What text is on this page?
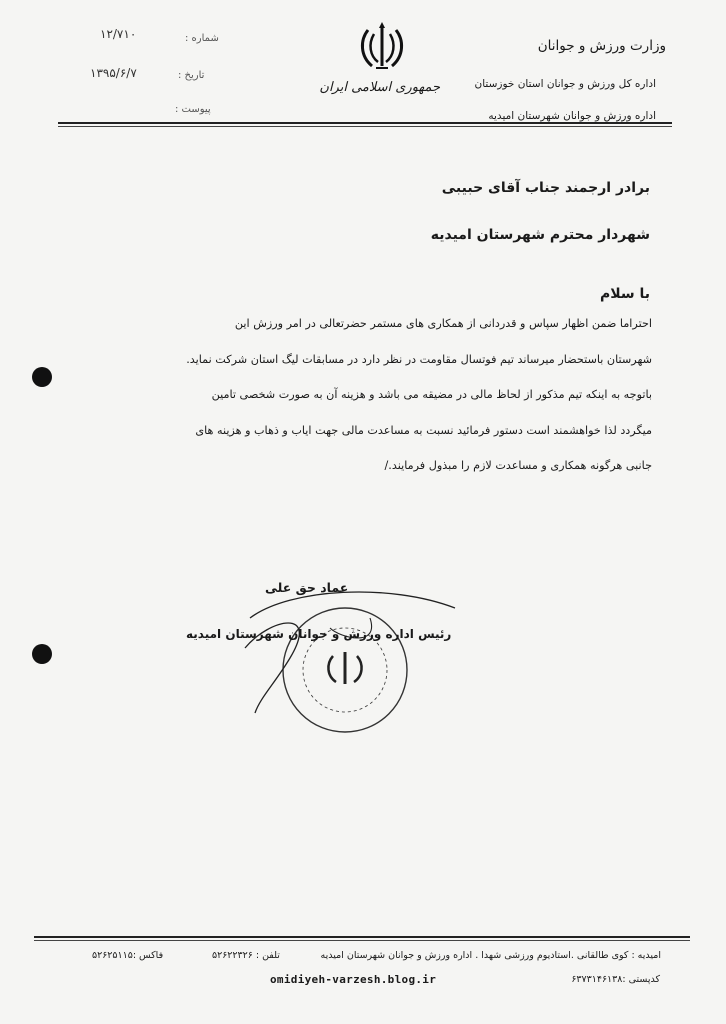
وزارت ورزش و جوانان
اداره کل ورزش و جوانان استان خوزستان
اداره ورزش و جوانان شهرستان امیدیه
جمهوری اسلامی ایران
شماره :
۱۲/۷۱۰
تاریخ :
۱۳۹۵/۶/۷
پیوست :
برادر ارجمند جناب آقای حبیبی
شهردار محترم شهرستان امیدیه
با سلام
احتراما ضمن اظهار سپاس و قدردانی از همکاری های مستمر حضرتعالی در امر ورزش این
شهرستان باستحضار میرساند تیم فوتسال مقاومت در نظر دارد در مسابقات لیگ استان شرکت نماید.
باتوجه به اینکه تیم مذکور از لحاظ مالی در مضیقه می باشد و هزینه آن به صورت شخصی تامین
میگردد لذا خواهشمند است دستور فرمائید نسبت به مساعدت مالی جهت ایاب و ذهاب و هزینه های
جانبی هرگونه همکاری و مساعدت لازم را مبذول فرمایند./
عماد حق علی
رئیس اداره ورزش و جوانان شهرستان امیدیه
امیدیه : کوی طالقانی .استادیوم ورزشی شهدا . اداره ورزش و جوانان شهرستان امیدیه
تلفن : ۵۲۶۲۲۳۲۶
فاکس :۵۲۶۲۵۱۱۵
omidiyeh-varzesh.blog.ir	کدپستی :۶۳۷۳۱۴۶۱۳۸
